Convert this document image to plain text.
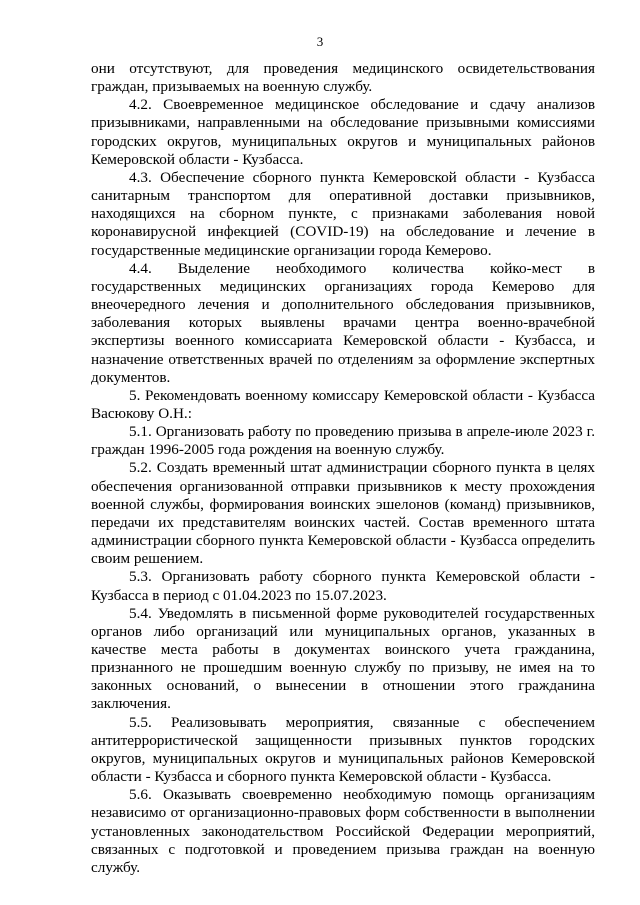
3

они отсутствуют, для проведения медицинского освидетельствования граждан, призываемых на военную службу.

4.2. Своевременное медицинское обследование и сдачу анализов призывниками, направленными на обследование призывными комиссиями городских округов, муниципальных округов и муниципальных районов Кемеровской области - Кузбасса.

4.3. Обеспечение сборного пункта Кемеровской области - Кузбасса санитарным транспортом для оперативной доставки призывников, находящихся на сборном пункте, с признаками заболевания новой коронавирусной инфекцией (COVID-19) на обследование и лечение в государственные медицинские организации города Кемерово.

4.4. Выделение необходимого количества койко-мест в государственных медицинских организациях города Кемерово для внеочередного лечения и дополнительного обследования призывников, заболевания которых выявлены врачами центра военно-врачебной экспертизы военного комиссариата Кемеровской области - Кузбасса, и назначение ответственных врачей по отделениям за оформление экспертных документов.

5. Рекомендовать военному комиссару Кемеровской области - Кузбасса Васюкову О.Н.:

5.1. Организовать работу по проведению призыва в апреле-июле 2023 г. граждан 1996-2005 года рождения на военную службу.

5.2. Создать временный штат администрации сборного пункта в целях обеспечения организованной отправки призывников к месту прохождения военной службы, формирования воинских эшелонов (команд) призывников, передачи их представителям воинских частей. Состав временного штата администрации сборного пункта Кемеровской области - Кузбасса определить своим решением.

5.3. Организовать работу сборного пункта Кемеровской области - Кузбасса в период с 01.04.2023 по 15.07.2023.

5.4. Уведомлять в письменной форме руководителей государственных органов либо организаций или муниципальных органов, указанных в качестве места работы в документах воинского учета гражданина, признанного не прошедшим военную службу по призыву, не имея на то законных оснований, о вынесении в отношении этого гражданина заключения.

5.5. Реализовывать мероприятия, связанные с обеспечением антитеррористической защищенности призывных пунктов городских округов, муниципальных округов и муниципальных районов Кемеровской области - Кузбасса и сборного пункта Кемеровской области - Кузбасса.

5.6. Оказывать своевременно необходимую помощь организациям независимо от организационно-правовых форм собственности в выполнении установленных законодательством Российской Федерации мероприятий, связанных с подготовкой и проведением призыва граждан на военную службу.
